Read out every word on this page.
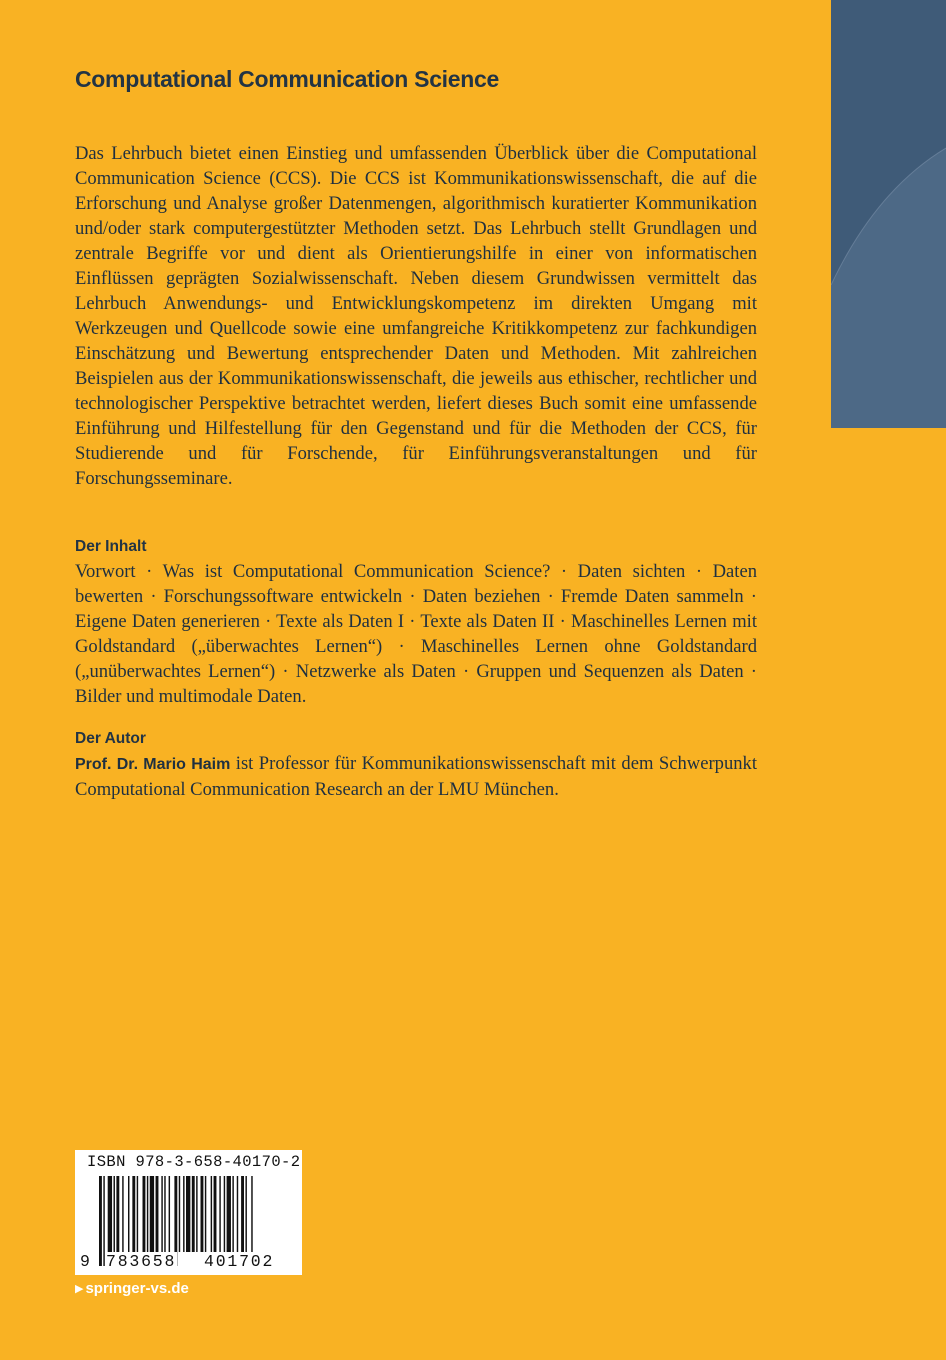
Computational Communication Science
Das Lehrbuch bietet einen Einstieg und umfassenden Überblick über die Computational Communication Science (CCS). Die CCS ist Kommunikationswissenschaft, die auf die Erforschung und Analyse großer Datenmengen, algorithmisch kuratierter Kommunikation und/oder stark computergestützter Methoden setzt. Das Lehrbuch stellt Grundlagen und zentrale Begriffe vor und dient als Orientierungshilfe in einer von informatischen Einflüssen geprägten Sozialwissenschaft. Neben diesem Grundwissen vermittelt das Lehrbuch Anwendungs- und Entwicklungskompetenz im direkten Umgang mit Werkzeugen und Quellcode sowie eine umfangreiche Kritikkompetenz zur fachkundigen Einschätzung und Bewertung entsprechender Daten und Methoden. Mit zahlreichen Beispielen aus der Kommunikationswissenschaft, die jeweils aus ethischer, rechtlicher und technologischer Perspektive betrachtet werden, liefert dieses Buch somit eine umfassende Einführung und Hilfestellung für den Gegenstand und für die Methoden der CCS, für Studierende und für Forschende, für Einführungsveranstaltungen und für Forschungsseminare.
Der Inhalt
Vorwort · Was ist Computational Communication Science? · Daten sichten · Daten bewerten · Forschungssoftware entwickeln · Daten beziehen · Fremde Daten sammeln · Eigene Daten generieren · Texte als Daten I · Texte als Daten II · Maschinelles Lernen mit Goldstandard („überwachtes Lernen“) · Maschinelles Lernen ohne Goldstandard („unüberwachtes Lernen“) · Netzwerke als Daten · Gruppen und Sequenzen als Daten · Bilder und multimodale Daten.
Der Autor
Prof. Dr. Mario Haim ist Professor für Kommunikationswissenschaft mit dem Schwerpunkt Computational Communication Research an der LMU München.
ISBN 978-3-658-40170-2
9 783658 401702
▶ springer-vs.de
